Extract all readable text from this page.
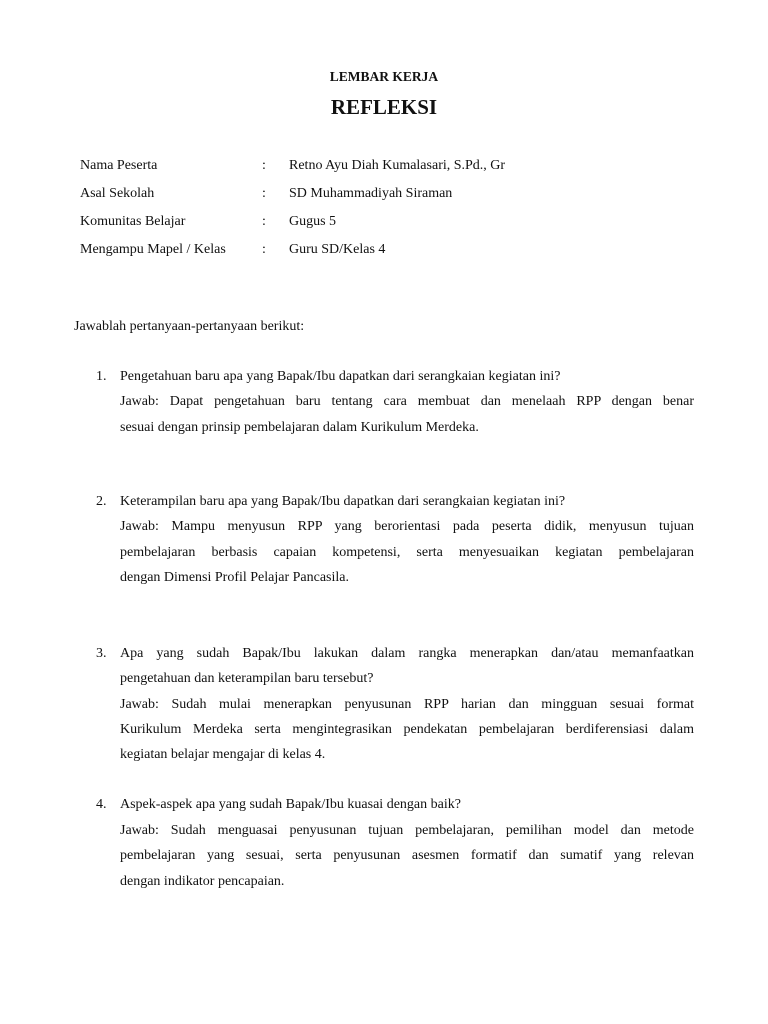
LEMBAR KERJA
REFLEKSI
Nama Peserta	: Retno Ayu Diah Kumalasari, S.Pd., Gr
Asal Sekolah	: SD Muhammadiyah Siraman
Komunitas Belajar	: Gugus 5
Mengampu Mapel / Kelas	: Guru SD/Kelas 4
Jawablah pertanyaan-pertanyaan berikut:
1. Pengetahuan baru apa yang Bapak/Ibu dapatkan dari serangkaian kegiatan ini?
Jawab: Dapat pengetahuan baru tentang cara membuat dan menelaah RPP dengan benar
sesuai dengan prinsip pembelajaran dalam Kurikulum Merdeka.
2. Keterampilan baru apa yang Bapak/Ibu dapatkan dari serangkaian kegiatan ini?
Jawab: Mampu menyusun RPP yang berorientasi pada peserta didik, menyusun tujuan
pembelajaran berbasis capaian kompetensi, serta menyesuaikan kegiatan pembelajaran
dengan Dimensi Profil Pelajar Pancasila.
3. Apa yang sudah Bapak/Ibu lakukan dalam rangka menerapkan dan/atau memanfaatkan
pengetahuan dan keterampilan baru tersebut?
Jawab: Sudah mulai menerapkan penyusunan RPP harian dan mingguan sesuai format
Kurikulum Merdeka serta mengintegrasikan pendekatan pembelajaran berdiferensiasi dalam
kegiatan belajar mengajar di kelas 4.
4. Aspek-aspek apa yang sudah Bapak/Ibu kuasai dengan baik?
Jawab: Sudah menguasai penyusunan tujuan pembelajaran, pemilihan model dan metode
pembelajaran yang sesuai, serta penyusunan asesmen formatif dan sumatif yang relevan
dengan indikator pencapaian.
